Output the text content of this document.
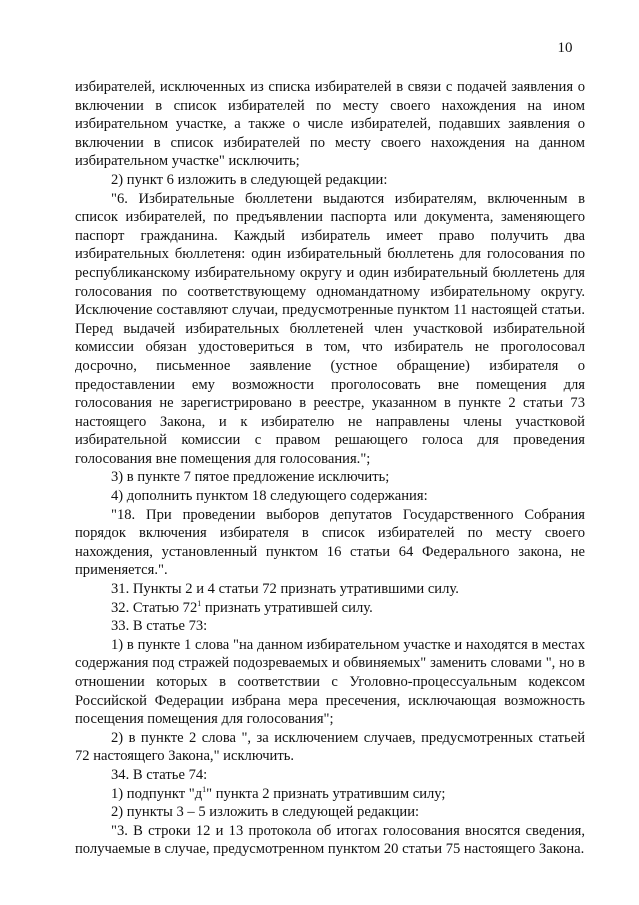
10

избирателей, исключенных из списка избирателей в связи с подачей заявления о включении в список избирателей по месту своего нахождения на ином избирательном участке, а также о числе избирателей, подавших заявления о включении в список избирателей по месту своего нахождения на данном избирательном участке" исключить;

2) пункт 6 изложить в следующей редакции:

"6. Избирательные бюллетени выдаются избирателям, включенным в список избирателей, по предъявлении паспорта или документа, заменяющего паспорт гражданина. Каждый избиратель имеет право получить два избирательных бюллетеня: один избирательный бюллетень для голосования по республиканскому избирательному округу и один избирательный бюллетень для голосования по соответствующему одномандатному избирательному округу. Исключение составляют случаи, предусмотренные пунктом 11 настоящей статьи. Перед выдачей избирательных бюллетеней член участковой избирательной комиссии обязан удостовериться в том, что избиратель не проголосовал досрочно, письменное заявление (устное обращение) избирателя о предоставлении ему возможности проголосовать вне помещения для голосования не зарегистрировано в реестре, указанном в пункте 2 статьи 73 настоящего Закона, и к избирателю не направлены члены участковой избирательной комиссии с правом решающего голоса для проведения голосования вне помещения для голосования.";

3) в пункте 7 пятое предложение исключить;

4) дополнить пунктом 18 следующего содержания:

"18. При проведении выборов депутатов Государственного Собрания порядок включения избирателя в список избирателей по месту своего нахождения, установленный пунктом 16 статьи 64 Федерального закона, не применяется.".

31. Пункты 2 и 4 статьи 72 признать утратившими силу.

32. Статью $72^1$ признать утратившей силу.

33. В статье 73:

1) в пункте 1 слова "на данном избирательном участке и находятся в местах содержания под стражей подозреваемых и обвиняемых" заменить словами ", но в отношении которых в соответствии с Уголовно-процессуальным кодексом Российской Федерации избрана мера пресечения, исключающая возможность посещения помещения для голосования";

2) в пункте 2 слова ", за исключением случаев, предусмотренных статьей 72 настоящего Закона," исключить.

34. В статье 74:

1) подпункт "$д^1$" пункта 2 признать утратившим силу;

2) пункты 3 – 5 изложить в следующей редакции:

"3. В строки 12 и 13 протокола об итогах голосования вносятся сведения, получаемые в случае, предусмотренном пунктом 20 статьи 75 настоящего Закона.
